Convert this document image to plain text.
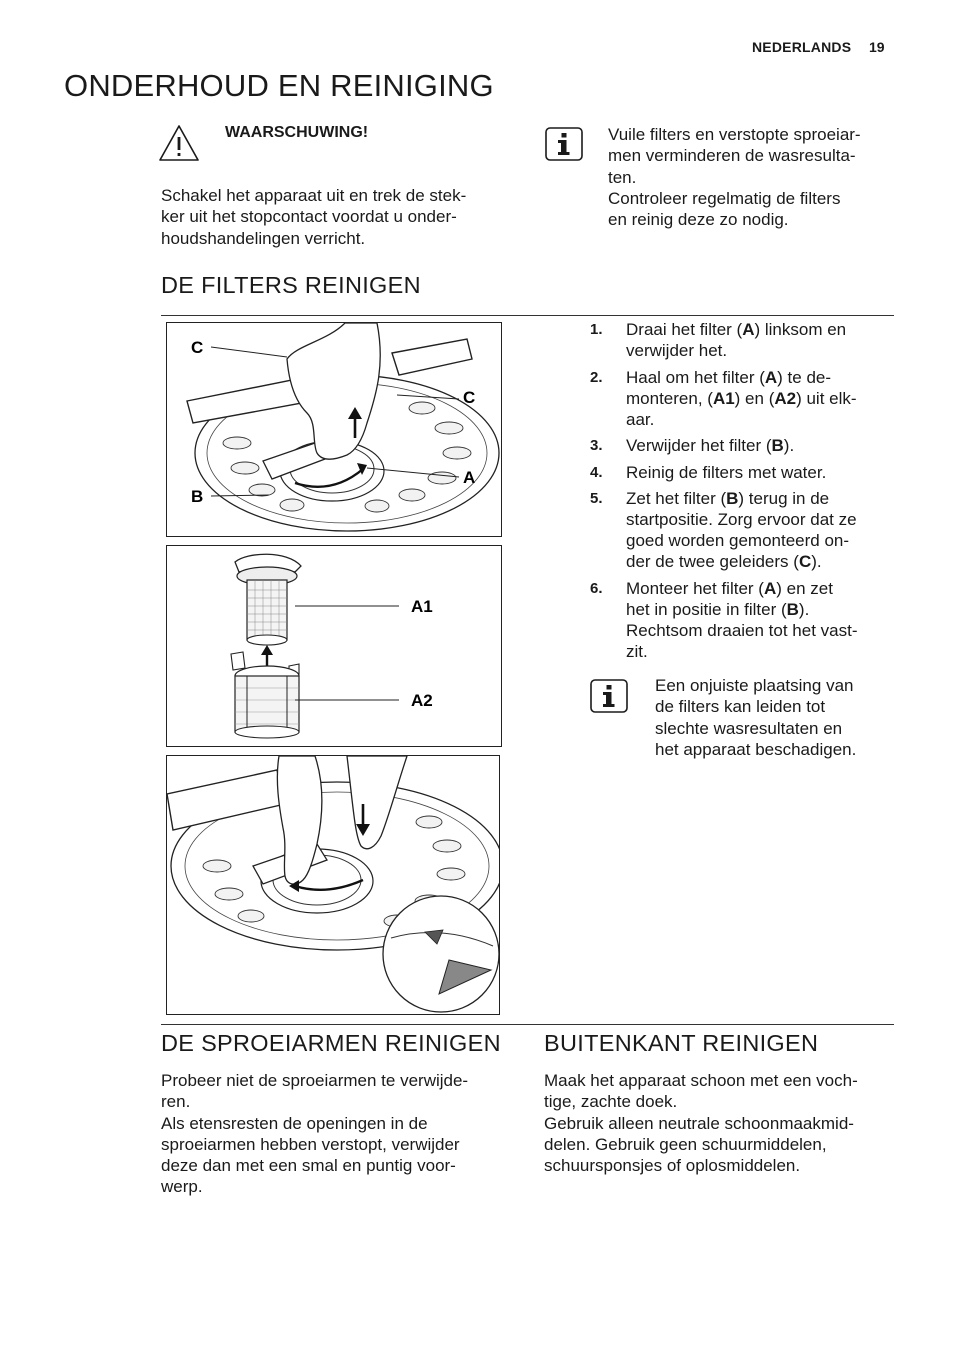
NEDERLANDS 19
ONDERHOUD EN REINIGING
WAARSCHUWING!
Schakel het apparaat uit en trek de stek-
ker uit het stopcontact voordat u onder-
houdshandelingen verricht.
Vuile filters en verstopte sproeiar-
men verminderen de wasresulta-
ten.
Controleer regelmatig de filters
en reinig deze zo nodig.
DE FILTERS REINIGEN
C
C
A
B
A1
A2
1. Draai het filter (A) linksom en
verwijder het.
2. Haal om het filter (A) te de-
monteren, (A1) en (A2) uit elk-
aar.
3. Verwijder het filter (B).
4. Reinig de filters met water.
5. Zet het filter (B) terug in de
startpositie. Zorg ervoor dat ze
goed worden gemonteerd on-
der de twee geleiders (C).
6. Monteer het filter (A) en zet
het in positie in filter (B).
Rechtsom draaien tot het vast-
zit.
Een onjuiste plaatsing van
de filters kan leiden tot
slechte wasresultaten en
het apparaat beschadigen.
DE SPROEIARMEN REINIGEN
Probeer niet de sproeiarmen te verwijde-
ren.
Als etensresten de openingen in de
sproeiarmen hebben verstopt, verwijder
deze dan met een smal en puntig voor-
werp.
BUITENKANT REINIGEN
Maak het apparaat schoon met een voch-
tige, zachte doek.
Gebruik alleen neutrale schoonmaakmid-
delen. Gebruik geen schuurmiddelen,
schuursponsjes of oplosmiddelen.
